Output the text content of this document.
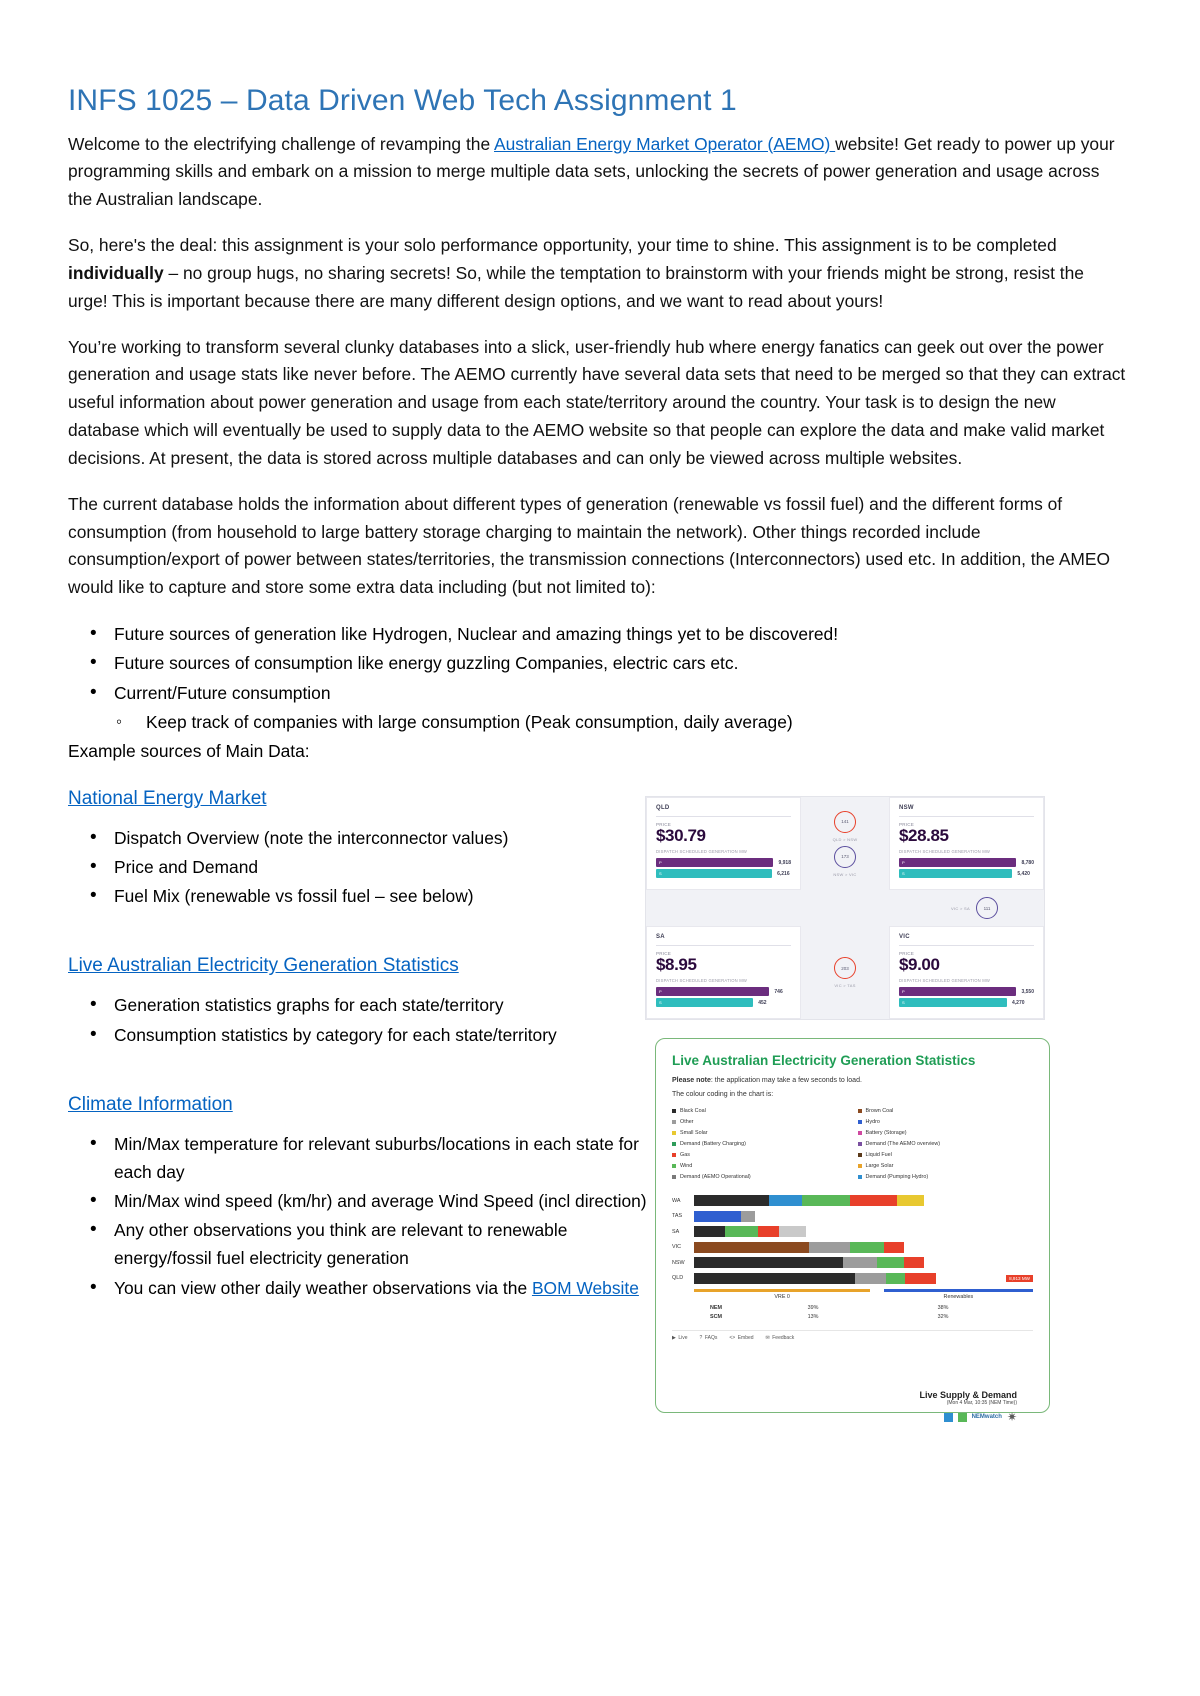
INFS 1025 – Data Driven Web Tech Assignment 1

Welcome to the electrifying challenge of revamping the Australian Energy Market Operator (AEMO) website! Get ready to power up your programming skills and embark on a mission to merge multiple data sets, unlocking the secrets of power generation and usage across the Australian landscape.

So, here's the deal: this assignment is your solo performance opportunity, your time to shine. This assignment is to be completed individually – no group hugs, no sharing secrets! So, while the temptation to brainstorm with your friends might be strong, resist the urge! This is important because there are many different design options, and we want to read about yours!

You’re working to transform several clunky databases into a slick, user-friendly hub where energy fanatics can geek out over the power generation and usage stats like never before. The AEMO currently have several data sets that need to be merged so that they can extract useful information about power generation and usage from each state/territory around the country. Your task is to design the new database which will eventually be used to supply data to the AEMO website so that people can explore the data and make valid market decisions. At present, the data is stored across multiple databases and can only be viewed across multiple websites.

The current database holds the information about different types of generation (renewable vs fossil fuel) and the different forms of consumption (from household to large battery storage charging to maintain the network). Other things recorded include consumption/export of power between states/territories, the transmission connections (Interconnectors) used etc. In addition, the AMEO would like to capture and store some extra data including (but not limited to):

• Future sources of generation like Hydrogen, Nuclear and amazing things yet to be discovered!
• Future sources of consumption like energy guzzling Companies, electric cars etc.
• Current/Future consumption
◦ Keep track of companies with large consumption (Peak consumption, daily average)
Example sources of Main Data:
National Energy Market
• Dispatch Overview (note the interconnector values)
• Price and Demand
• Fuel Mix (renewable vs fossil fuel – see below)
Live Australian Electricity Generation Statistics
• Generation statistics graphs for each state/territory
• Consumption statistics by category for each state/territory
Climate Information
• Min/Max temperature for relevant suburbs/locations in each state for each day
• Min/Max wind speed (km/hr) and average Wind Speed (incl direction)
• Any other observations you think are relevant to renewable energy/fossil fuel electricity generation
• You can view other daily weather observations via the BOM Website
QLD
PRICE
$30.79
DISPATCH SCHEDULED GENERATION MW
P	9,918
S	6,216
141
QLD > NSW
173
NSW > VIC
NSW
PRICE
$28.85
DISPATCH SCHEDULED GENERATION MW
P	8,780
S	5,420
VIC > SA	111
SA
PRICE
$8.95
DISPATCH SCHEDULED GENERATION MW
P	746
S	452
203
VIC > TAS
VIC
PRICE
$9.00
DISPATCH SCHEDULED GENERATION MW
P	3,550
S	4,270
Live Australian Electricity Generation Statistics
Please note: the application may take a few seconds to load.
The colour coding in the chart is:
Black Coal	Brown Coal
Other	Hydro
Small Solar	Battery (Storage)
Demand (Battery Charging)	Demand (The AEMO overview)
Gas	Liquid Fuel
Wind	Large Solar
Demand (AEMO Operational)	Demand (Pumping Hydro)
Live Supply & Demand
(Mon 4 Mar, 10:35 (NEM Time))
NEMwatch ✷
WA
TAS
SA
VIC
NSW
QLD	8,913 MW
VRE 0	Renewables
NEM	39%	38%
SCM	13%	32%
▶ Live ? FAQs <> Embed ✉ Feedback
